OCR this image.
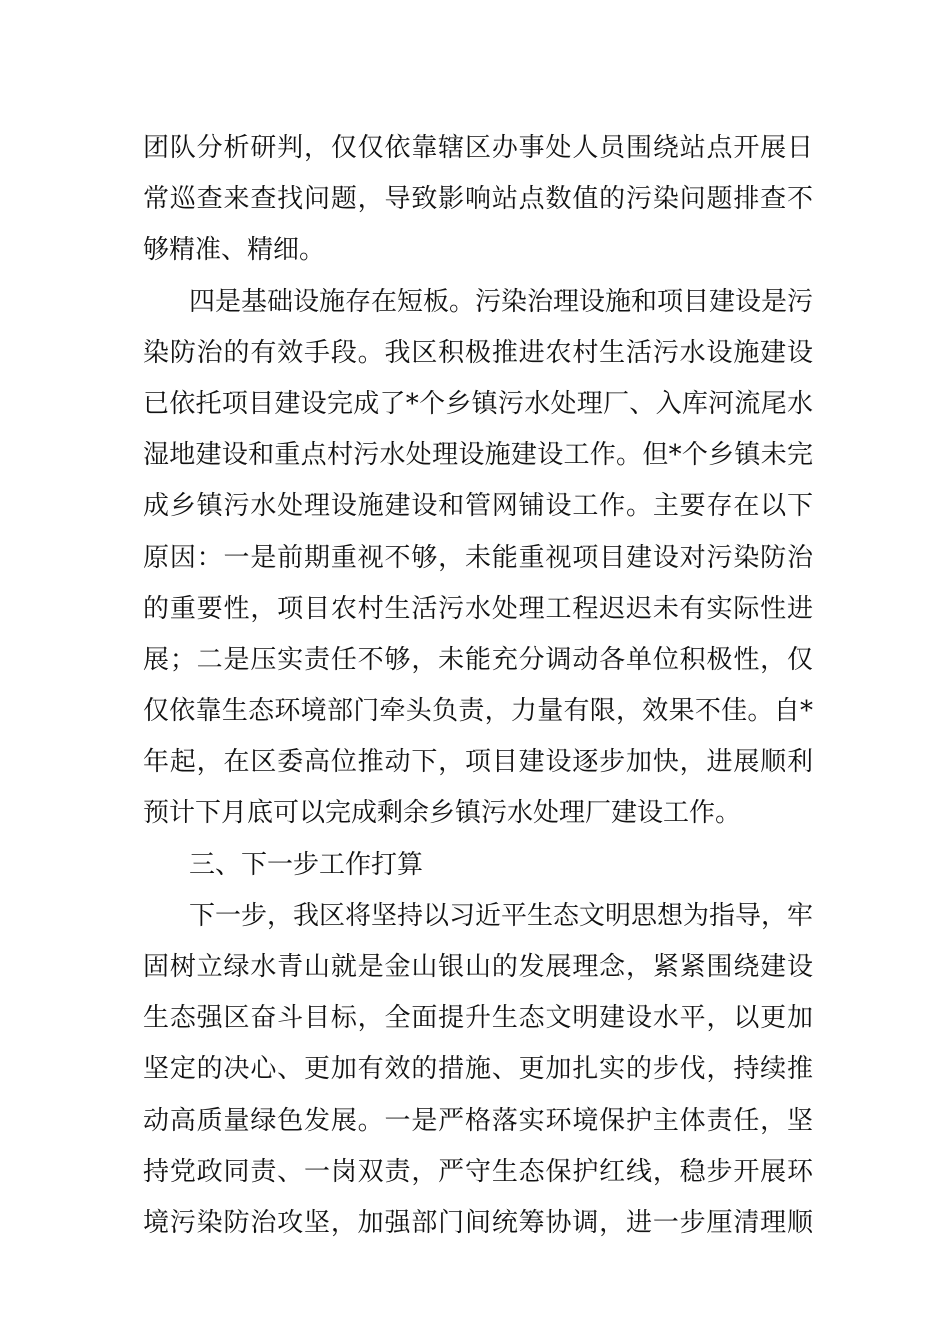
团队分析研判，仅仅依靠辖区办事处人员围绕站点开展日
常巡查来查找问题，导致影响站点数值的污染问题排查不
够精准、精细。
四是基础设施存在短板。污染治理设施和项目建设是污
染防治的有效手段。我区积极推进农村生活污水设施建设
已依托项目建设完成了*个乡镇污水处理厂、入库河流尾水
湿地建设和重点村污水处理设施建设工作。但*个乡镇未完
成乡镇污水处理设施建设和管网铺设工作。主要存在以下
原因：一是前期重视不够，未能重视项目建设对污染防治
的重要性，项目农村生活污水处理工程迟迟未有实际性进
展；二是压实责任不够，未能充分调动各单位积极性，仅
仅依靠生态环境部门牵头负责，力量有限，效果不佳。自*
年起，在区委高位推动下，项目建设逐步加快，进展顺利
预计下月底可以完成剩余乡镇污水处理厂建设工作。
三、下一步工作打算
下一步，我区将坚持以习近平生态文明思想为指导，牢
固树立绿水青山就是金山银山的发展理念，紧紧围绕建设
生态强区奋斗目标，全面提升生态文明建设水平，以更加
坚定的决心、更加有效的措施、更加扎实的步伐，持续推
动高质量绿色发展。一是严格落实环境保护主体责任，坚
持党政同责、一岗双责，严守生态保护红线，稳步开展环
境污染防治攻坚，加强部门间统筹协调，进一步厘清理顺
